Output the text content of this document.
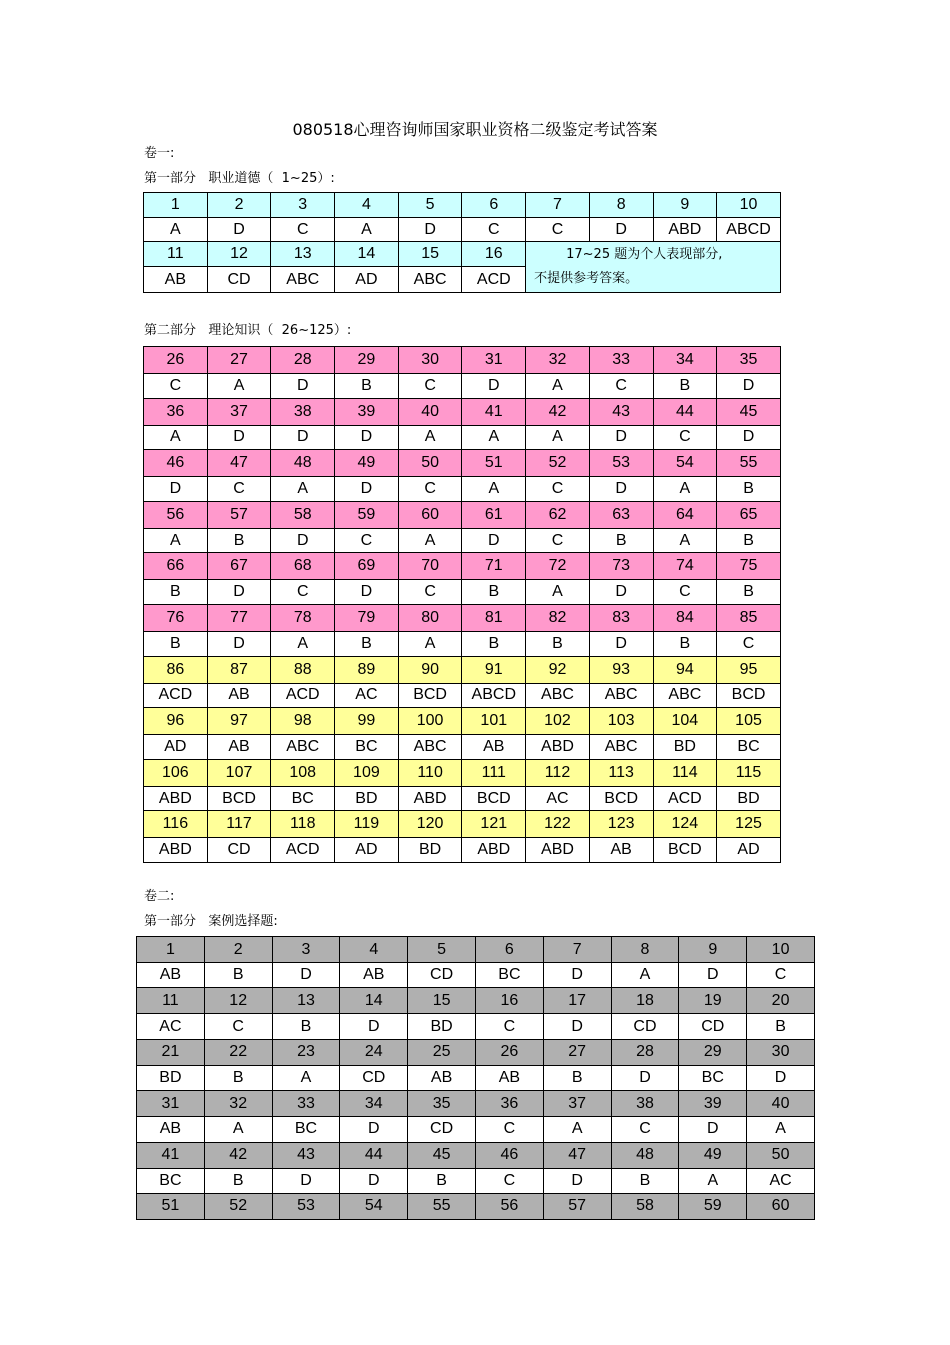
080518心理咨询师国家职业资格二级鉴定考试答案
卷一:
第一部分   职业道德（  1~25）:
1	2	3	4	5	6	7	8	9	10
A	D	C	A	D	C	C	D	ABD	ABCD
11	12	13	14	15	16	17~25 题为个人表现部分,
不提供参考答案。			

AB	CD	ABC	AD	ABC	ACD				
第二部分   理论知识（  26~125）:
26	27	28	29	30	31	32	33	34	35
C	A	D	B	C	D	A	C	B	D
36	37	38	39	40	41	42	43	44	45
A	D	D	D	A	A	A	D	C	D
46	47	48	49	50	51	52	53	54	55
D	C	A	D	C	A	C	D	A	B
56	57	58	59	60	61	62	63	64	65
A	B	D	C	A	D	C	B	A	B
66	67	68	69	70	71	72	73	74	75
B	D	C	D	C	B	A	D	C	B
76	77	78	79	80	81	82	83	84	85
B	D	A	B	A	B	B	D	B	C
86	87	88	89	90	91	92	93	94	95
ACD	AB	ACD	AC	BCD	ABCD	ABC	ABC	ABC	BCD
96	97	98	99	100	101	102	103	104	105
AD	AB	ABC	BC	ABC	AB	ABD	ABC	BD	BC
106	107	108	109	110	111	112	113	114	115
ABD	BCD	BC	BD	ABD	BCD	AC	BCD	ACD	BD
116	117	118	119	120	121	122	123	124	125
ABD	CD	ACD	AD	BD	ABD	ABD	AB	BCD	AD
卷二:
第一部分   案例选择题:
1	2	3	4	5	6	7	8	9	10
AB	B	D	AB	CD	BC	D	A	D	C
11	12	13	14	15	16	17	18	19	20
AC	C	B	D	BD	C	D	CD	CD	B
21	22	23	24	25	26	27	28	29	30
BD	B	A	CD	AB	AB	B	D	BC	D
31	32	33	34	35	36	37	38	39	40
AB	A	BC	D	CD	C	A	C	D	A
41	42	43	44	45	46	47	48	49	50
BC	B	D	D	B	C	D	B	A	AC
51	52	53	54	55	56	57	58	59	60
